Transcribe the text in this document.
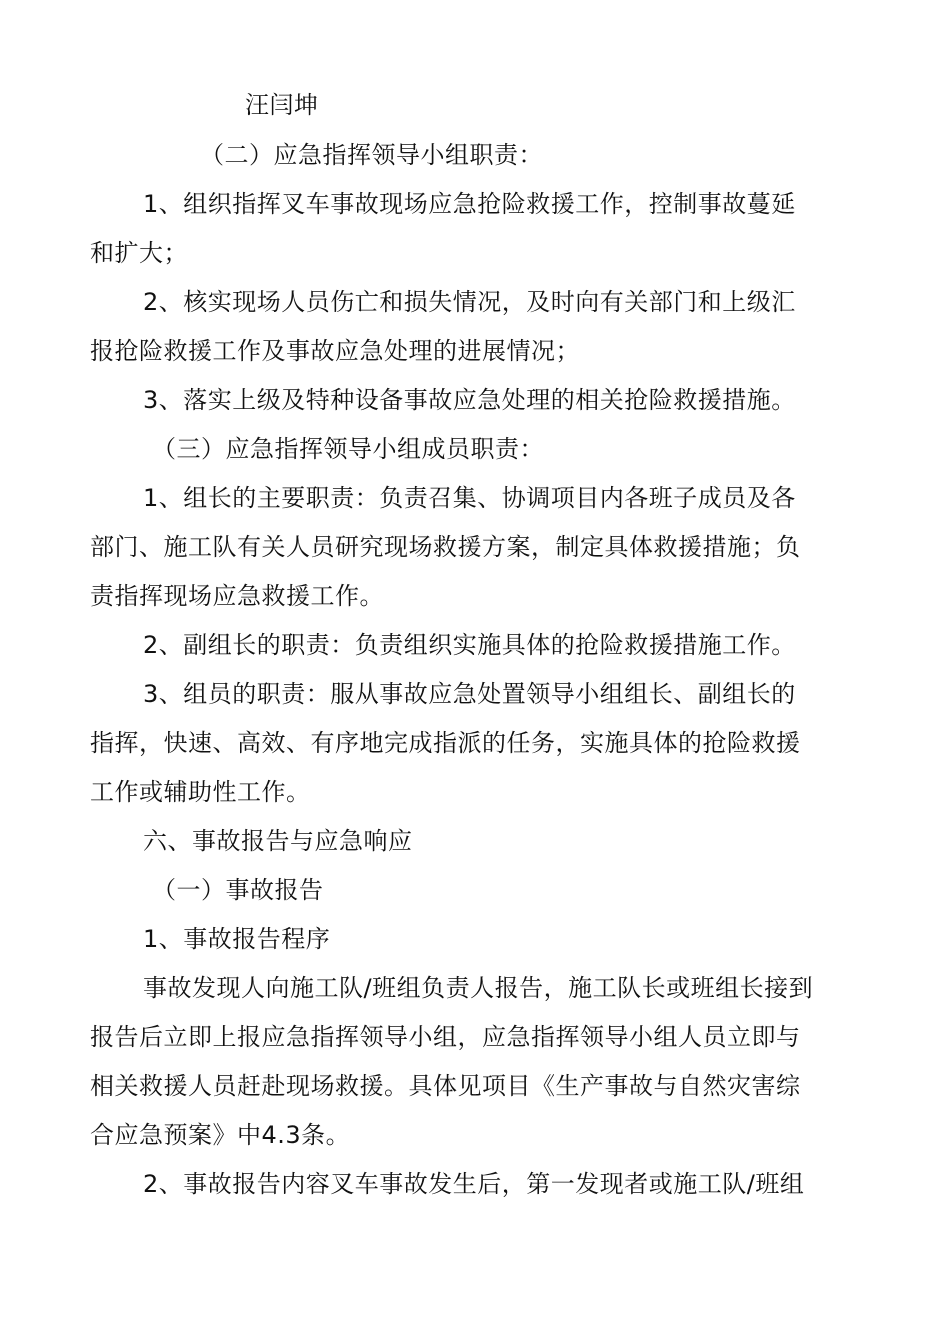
汪闫坤
（二）应急指挥领导小组职责：
1、组织指挥叉车事故现场应急抢险救援工作，控制事故蔓延
和扩大；
2、核实现场人员伤亡和损失情况，及时向有关部门和上级汇
报抢险救援工作及事故应急处理的进展情况；
3、落实上级及特种设备事故应急处理的相关抢险救援措施。
（三）应急指挥领导小组成员职责：
1、组长的主要职责：负责召集、协调项目内各班子成员及各
部门、施工队有关人员研究现场救援方案，制定具体救援措施；负
责指挥现场应急救援工作。
2、副组长的职责：负责组织实施具体的抢险救援措施工作。
3、组员的职责：服从事故应急处置领导小组组长、副组长的
指挥，快速、高效、有序地完成指派的任务，实施具体的抢险救援
工作或辅助性工作。
六、事故报告与应急响应
（一）事故报告
1、事故报告程序
事故发现人向施工队/班组负责人报告，施工队长或班组长接到
报告后立即上报应急指挥领导小组，应急指挥领导小组人员立即与
相关救援人员赶赴现场救援。具体见项目《生产事故与自然灾害综
合应急预案》中4.3条。
2、事故报告内容叉车事故发生后，第一发现者或施工队/班组
